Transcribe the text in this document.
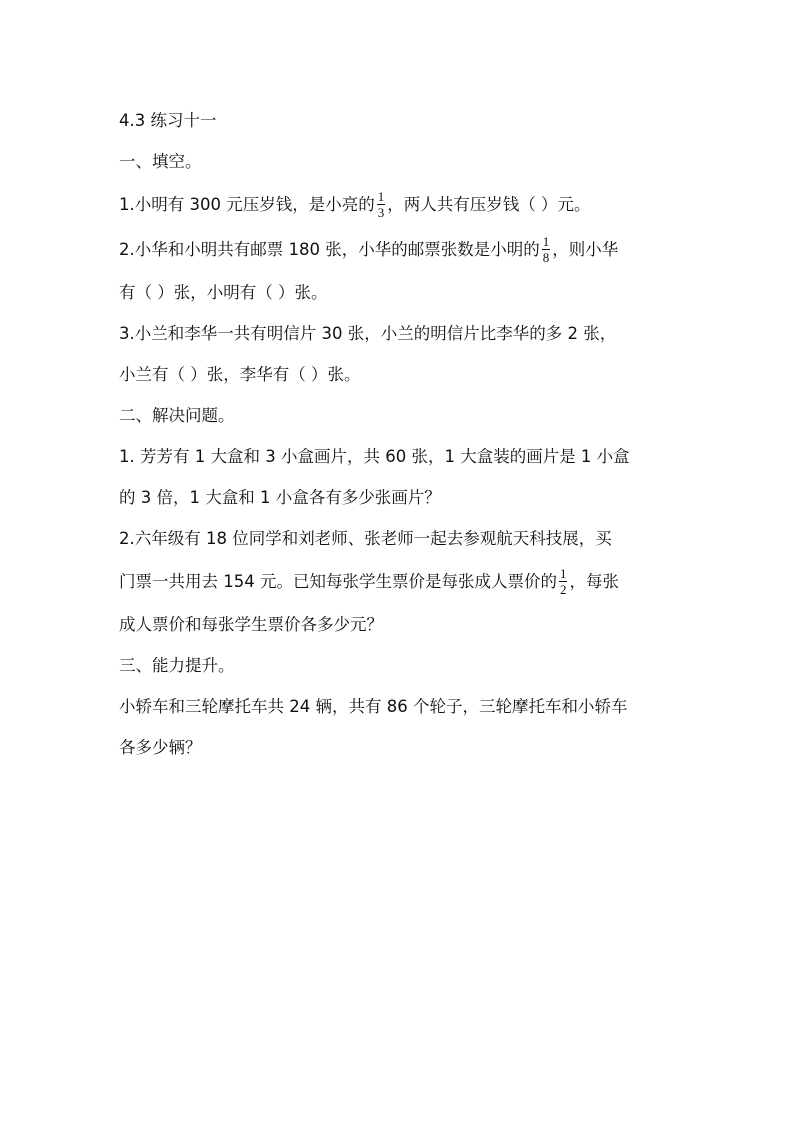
4.3 练习十一
一、填空。
1.小明有 300 元压岁钱，是小亮的 $\frac{1}{3}$ ，两人共有压岁钱（ ）元。
2.小华和小明共有邮票 180 张，小华的邮票张数是小明的 $\frac{1}{8}$ ，则小华
有（ ）张，小明有（ ）张。
3.小兰和李华一共有明信片 30 张，小兰的明信片比李华的多 2 张，
小兰有（ ）张，李华有（ ）张。
二、解决问题。
1. 芳芳有 1 大盒和 3 小盒画片，共 60 张，1 大盒装的画片是 1 小盒
的 3 倍，1 大盒和 1 小盒各有多少张画片？
2.六年级有 18 位同学和刘老师、张老师一起去参观航天科技展，买
门票一共用去 154 元。已知每张学生票价是每张成人票价的 $\frac{1}{2}$ ，每张
成人票价和每张学生票价各多少元？
三、能力提升。
小轿车和三轮摩托车共 24 辆，共有 86 个轮子，三轮摩托车和小轿车
各多少辆？
